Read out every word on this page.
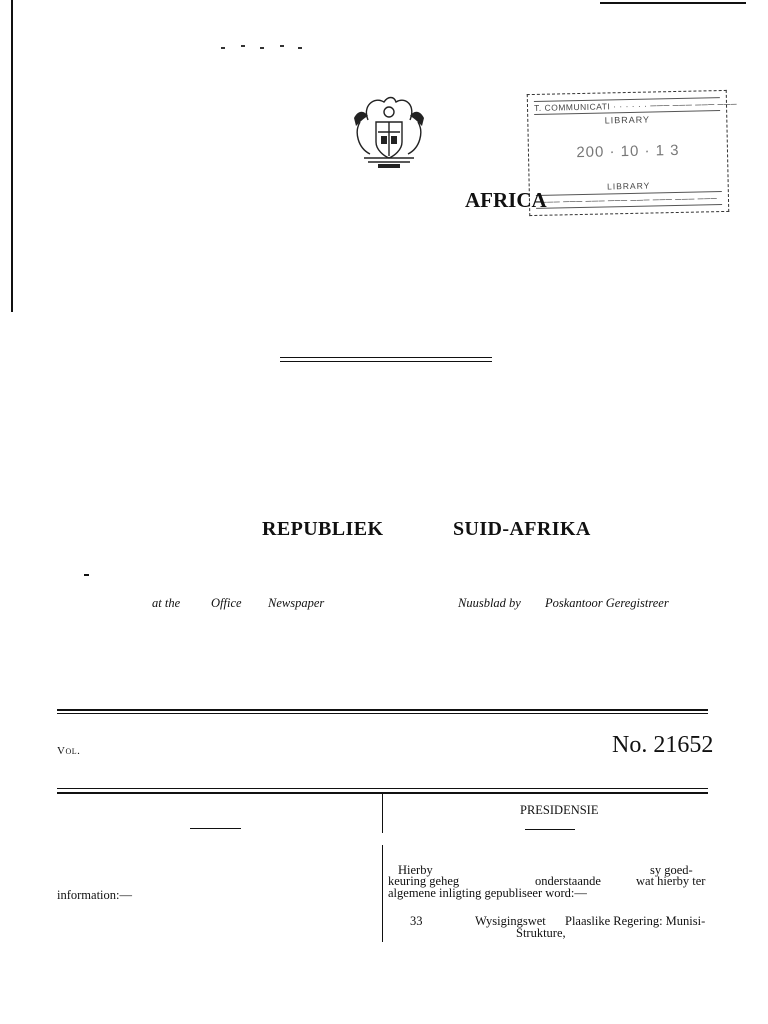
T. COMMUNICATI · · · · · · ─── ─── ─── ───
LIBRARY
200 · 10 · 1 3
LIBRARY
─── ─── ─── ─── ─── ─── ─── ───
AFRICA
REPUBLIEK	SUID-AFRIKA
at the Office Newspaper	Nuusblad by Poskantoor Geregistreer
Vol.	No. 21652
information:—
PRESIDENSIE
Hierby	sy goed-
keuring geheg	onderstaande	wat hierby ter
algemene inligting gepubliseer word:—
33	Wysigingswet Plaaslike Regering: Munisi-
Strukture,
